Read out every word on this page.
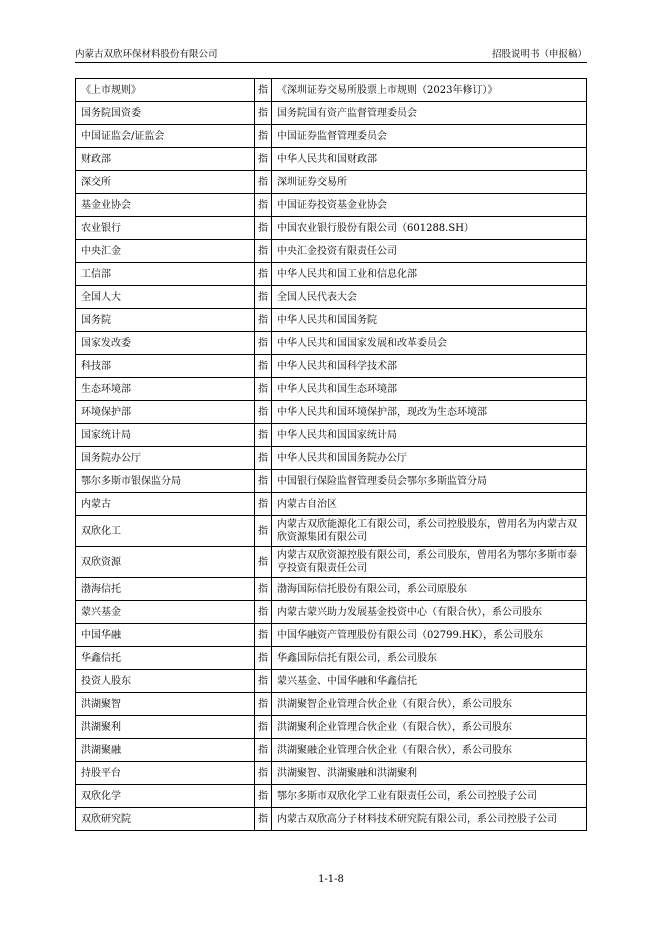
内蒙古双欣环保材料股份有限公司	招股说明书（申报稿）
《上市规则》	指	《深圳证券交易所股票上市规则（2023年修订）》
国务院国资委	指	国务院国有资产监督管理委员会
中国证监会/证监会	指	中国证券监督管理委员会
财政部	指	中华人民共和国财政部
深交所	指	深圳证券交易所
基金业协会	指	中国证券投资基金业协会
农业银行	指	中国农业银行股份有限公司（601288.SH）
中央汇金	指	中央汇金投资有限责任公司
工信部	指	中华人民共和国工业和信息化部
全国人大	指	全国人民代表大会
国务院	指	中华人民共和国国务院
国家发改委	指	中华人民共和国国家发展和改革委员会
科技部	指	中华人民共和国科学技术部
生态环境部	指	中华人民共和国生态环境部
环境保护部	指	中华人民共和国环境保护部，现改为生态环境部
国家统计局	指	中华人民共和国国家统计局
国务院办公厅	指	中华人民共和国国务院办公厅
鄂尔多斯市银保监分局	指	中国银行保险监督管理委员会鄂尔多斯监管分局
内蒙古	指	内蒙古自治区
双欣化工	指	内蒙古双欣能源化工有限公司，系公司控股股东，曾用名为内蒙古双欣资源集团有限公司
双欣资源	指	内蒙古双欣资源控股有限公司，系公司股东，曾用名为鄂尔多斯市泰亨投资有限责任公司
渤海信托	指	渤海国际信托股份有限公司，系公司原股东
蒙兴基金	指	内蒙古蒙兴助力发展基金投资中心（有限合伙），系公司股东
中国华融	指	中国华融资产管理股份有限公司（02799.HK），系公司股东
华鑫信托	指	华鑫国际信托有限公司，系公司股东
投资人股东	指	蒙兴基金、中国华融和华鑫信托
洪湖聚智	指	洪湖聚智企业管理合伙企业（有限合伙），系公司股东
洪湖聚利	指	洪湖聚利企业管理合伙企业（有限合伙），系公司股东
洪湖聚融	指	洪湖聚融企业管理合伙企业（有限合伙），系公司股东
持股平台	指	洪湖聚智、洪湖聚融和洪湖聚利
双欣化学	指	鄂尔多斯市双欣化学工业有限责任公司，系公司控股子公司
双欣研究院	指	内蒙古双欣高分子材料技术研究院有限公司，系公司控股子公司
1-1-8
